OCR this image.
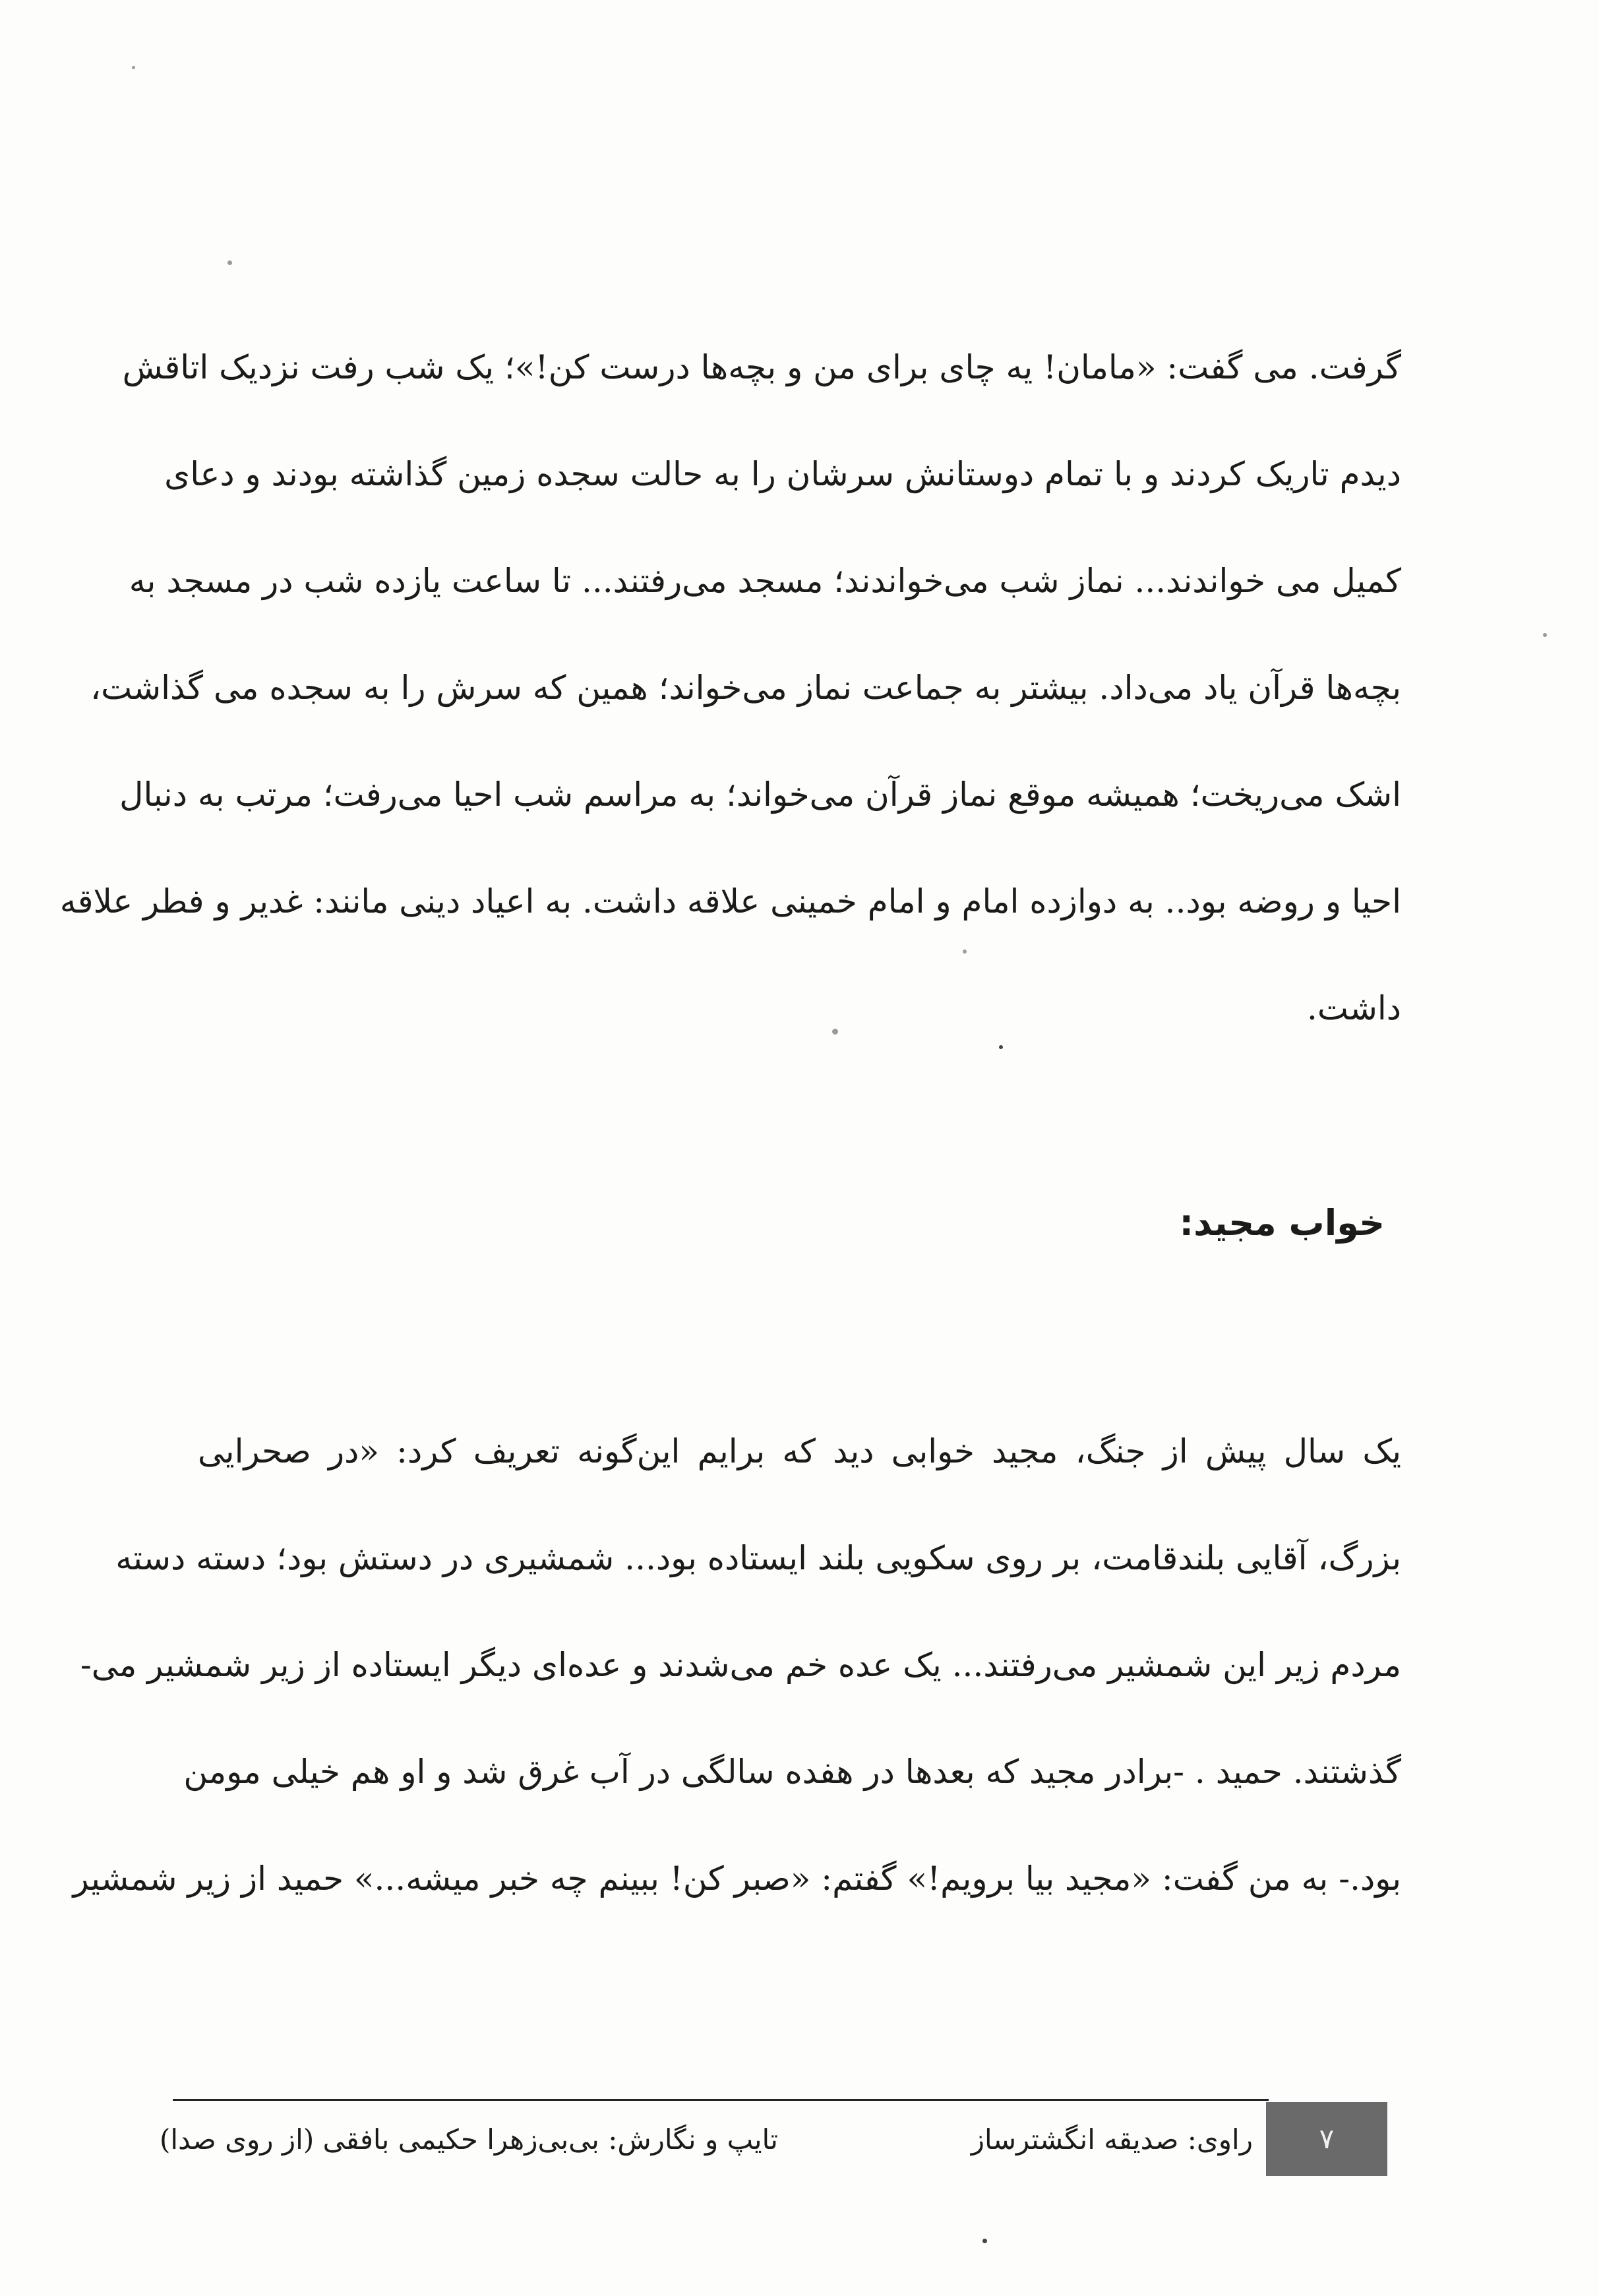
گرفت. می گفت: «مامان! یه چای برای من و بچه‌ها درست کن!»؛ یک شب رفت نزدیک اتاقش
دیدم تاریک کردند و با تمام دوستانش سرشان را به حالت سجده زمین گذاشته بودند و دعای
کمیل می خواندند... نماز شب می‌خواندند؛ مسجد می‌رفتند... تا ساعت یازده شب در مسجد به
بچه‌ها قرآن یاد می‌داد. بیشتر به جماعت نماز می‌خواند؛ همین که سرش را به سجده می گذاشت،
اشک می‌ریخت؛ همیشه موقع نماز قرآن می‌خواند؛ به مراسم شب احیا می‌رفت؛ مرتب به دنبال
احیا و روضه بود.. به دوازده امام و امام خمینی علاقه داشت. به اعیاد دینی مانند: غدیر و فطر علاقه
داشت.
خواب مجید:
یک سال پیش از جنگ، مجید خوابی دید که برایم این‌گونه تعریف کرد: «در صحرایی
بزرگ، آقایی بلندقامت، بر روی سکویی بلند ایستاده بود... شمشیری در دستش بود؛ دسته دسته
مردم زیر این شمشیر می‌رفتند... یک عده خم می‌شدند و عده‌ای دیگر ایستاده از زیر شمشیر می-
گذشتند. حمید . -برادر مجید که بعدها در هفده سالگی در آب غرق شد و او هم خیلی مومن
بود.- به من گفت: «مجید بیا برویم!» گفتم: «صبر کن! ببینم چه خبر میشه...» حمید از زیر شمشیر
۷

راوی: صدیقه انگشترساز

تایپ و نگارش: بی‌بی‌زهرا حکیمی بافقی (از روی صدا)
